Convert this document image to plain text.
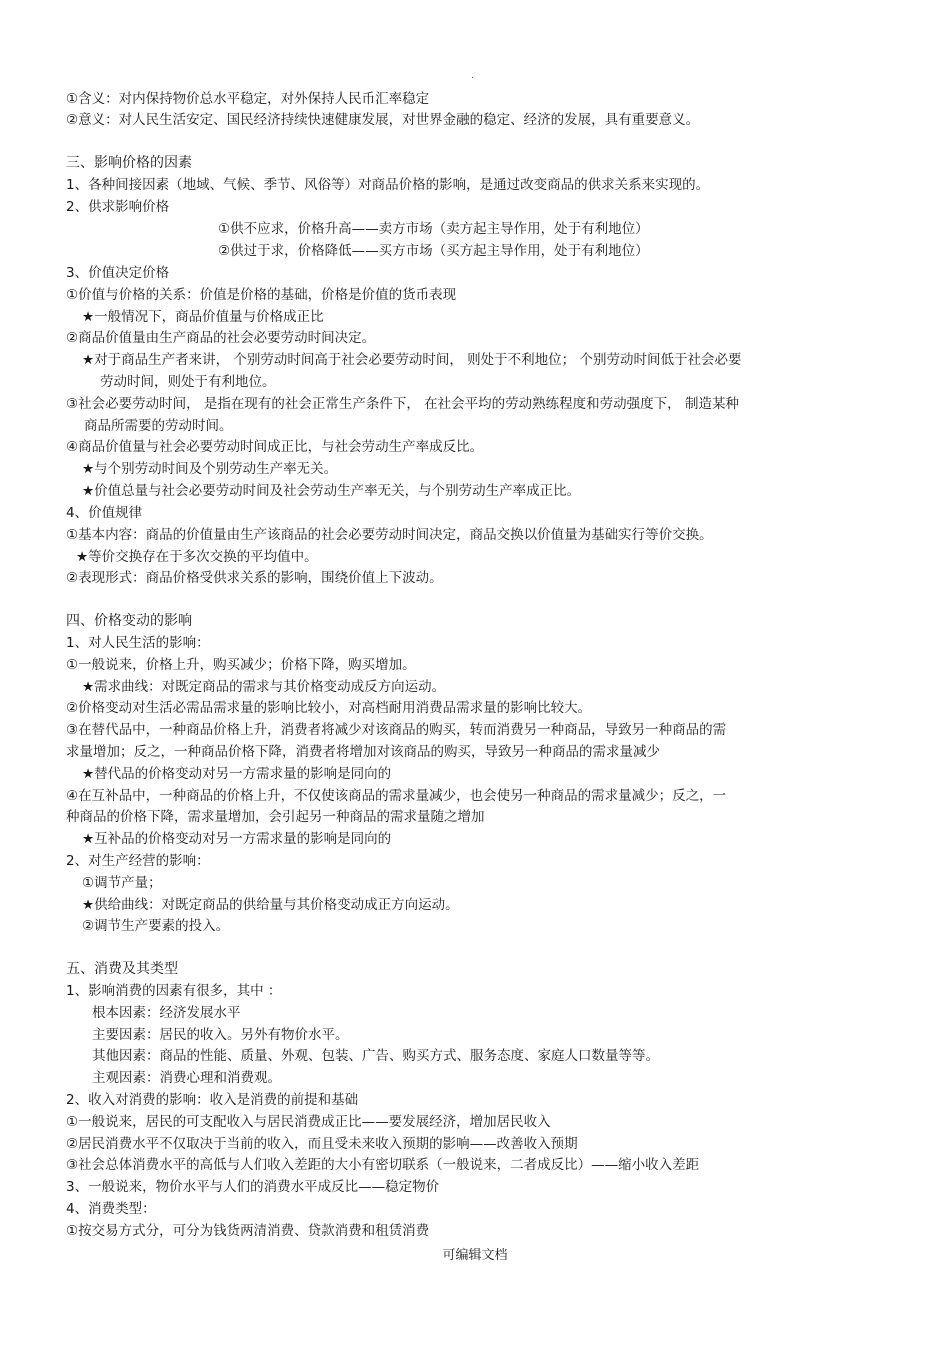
.
①含义：对内保持物价总水平稳定，对外保持人民币汇率稳定
②意义：对人民生活安定、国民经济持续快速健康发展，对世界金融的稳定、经济的发展，具有重要意义。
三、影响价格的因素
1、各种间接因素（地域、气候、季节、风俗等）对商品价格的影响，是通过改变商品的供求关系来实现的。
2、供求影响价格
①供不应求，价格升高——卖方市场（卖方起主导作用，处于有利地位）
②供过于求，价格降低——买方市场（买方起主导作用，处于有利地位）
3、价值决定价格
①价值与价格的关系：价值是价格的基础，价格是价值的货币表现
★一般情况下，商品价值量与价格成正比
②商品价值量由生产商品的社会必要劳动时间决定。
★对于商品生产者来讲， 个别劳动时间高于社会必要劳动时间， 则处于不利地位； 个别劳动时间低于社会必要
劳动时间，则处于有利地位。
③社会必要劳动时间， 是指在现有的社会正常生产条件下， 在社会平均的劳动熟练程度和劳动强度下， 制造某种
商品所需要的劳动时间。
④商品价值量与社会必要劳动时间成正比，与社会劳动生产率成反比。
★与个别劳动时间及个别劳动生产率无关。
★价值总量与社会必要劳动时间及社会劳动生产率无关，与个别劳动生产率成正比。
4、价值规律
①基本内容：商品的价值量由生产该商品的社会必要劳动时间决定，商品交换以价值量为基础实行等价交换。
★等价交换存在于多次交换的平均值中。
②表现形式：商品价格受供求关系的影响，围绕价值上下波动。
四、价格变动的影响
1、对人民生活的影响：
①一般说来，价格上升，购买减少；价格下降，购买增加。
★需求曲线：对既定商品的需求与其价格变动成反方向运动。
②价格变动对生活必需品需求量的影响比较小，对高档耐用消费品需求量的影响比较大。
③在替代品中，一种商品价格上升，消费者将减少对该商品的购买，转而消费另一种商品，导致另一种商品的需
求量增加；反之，一种商品价格下降，消费者将增加对该商品的购买，导致另一种商品的需求量减少
★替代品的价格变动对另一方需求量的影响是同向的
④在互补品中，一种商品的价格上升，不仅使该商品的需求量减少，也会使另一种商品的需求量减少；反之，一
种商品的价格下降，需求量增加，会引起另一种商品的需求量随之增加
★互补品的价格变动对另一方需求量的影响是同向的
2、对生产经营的影响：
①调节产量；
★供给曲线：对既定商品的供给量与其价格变动成正方向运动。
②调节生产要素的投入。
五、消费及其类型
1、影响消费的因素有很多，其中 ：
根本因素：经济发展水平
主要因素：居民的收入。另外有物价水平。
其他因素：商品的性能、质量、外观、包装、广告、购买方式、服务态度、家庭人口数量等等。
主观因素：消费心理和消费观。
2、收入对消费的影响：收入是消费的前提和基础
①一般说来，居民的可支配收入与居民消费成正比——要发展经济，增加居民收入
②居民消费水平不仅取决于当前的收入，而且受未来收入预期的影响——改善收入预期
③社会总体消费水平的高低与人们收入差距的大小有密切联系（一般说来，二者成反比）——缩小收入差距
3、一般说来，物价水平与人们的消费水平成反比——稳定物价
4、消费类型：
①按交易方式分，可分为钱货两清消费、贷款消费和租赁消费
可编辑文档
